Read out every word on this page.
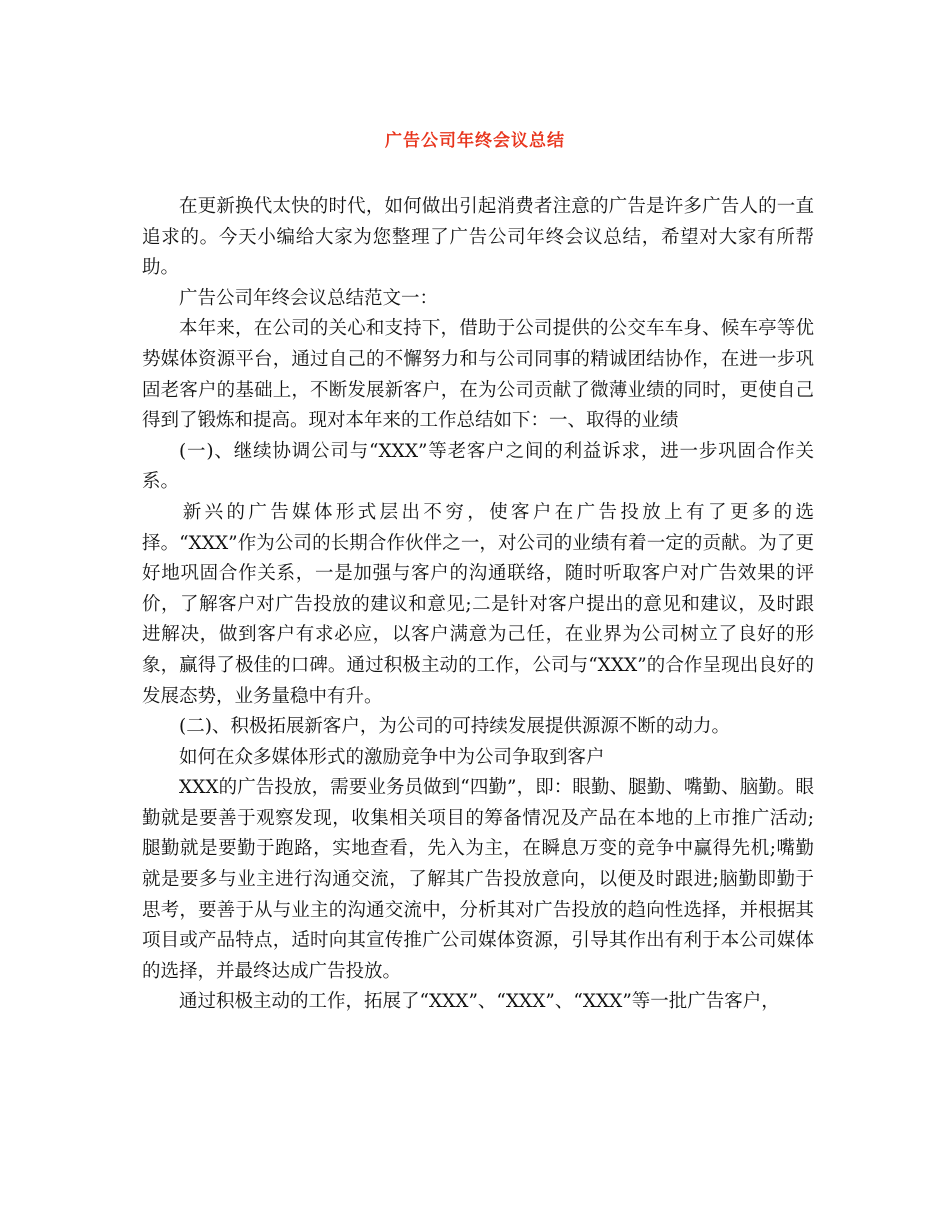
广告公司年终会议总结

在更新换代太快的时代，如何做出引起消费者注意的广告是许多广告人的一直追求的。今天小编给大家为您整理了广告公司年终会议总结，希望对大家有所帮助。

广告公司年终会议总结范文一：

本年来，在公司的关心和支持下，借助于公司提供的公交车车身、候车亭等优势媒体资源平台，通过自己的不懈努力和与公司同事的精诚团结协作，在进一步巩固老客户的基础上，不断发展新客户，在为公司贡献了微薄业绩的同时，更使自己得到了锻炼和提高。现对本年来的工作总结如下：一、取得的业绩

(一)、继续协调公司与“XXX”等老客户之间的利益诉求，进一步巩固合作关系。

新兴的广告媒体形式层出不穷，使客户在广告投放上有了更多的选择。“XXX”作为公司的长期合作伙伴之一，对公司的业绩有着一定的贡献。为了更好地巩固合作关系，一是加强与客户的沟通联络，随时听取客户对广告效果的评价，了解客户对广告投放的建议和意见;二是针对客户提出的意见和建议，及时跟进解决，做到客户有求必应，以客户满意为己任，在业界为公司树立了良好的形象，赢得了极佳的口碑。通过积极主动的工作，公司与“XXX”的合作呈现出良好的发展态势，业务量稳中有升。

(二)、积极拓展新客户，为公司的可持续发展提供源源不断的动力。

如何在众多媒体形式的激励竞争中为公司争取到客户

XXX的广告投放，需要业务员做到“四勤”，即：眼勤、腿勤、嘴勤、脑勤。眼勤就是要善于观察发现，收集相关项目的筹备情况及产品在本地的上市推广活动;腿勤就是要勤于跑路，实地查看，先入为主，在瞬息万变的竞争中赢得先机;嘴勤就是要多与业主进行沟通交流，了解其广告投放意向，以便及时跟进;脑勤即勤于思考，要善于从与业主的沟通交流中，分析其对广告投放的趋向性选择，并根据其项目或产品特点，适时向其宣传推广公司媒体资源，引导其作出有利于本公司媒体的选择，并最终达成广告投放。

通过积极主动的工作，拓展了“XXX”、“XXX”、“XXX”等一批广告客户，
